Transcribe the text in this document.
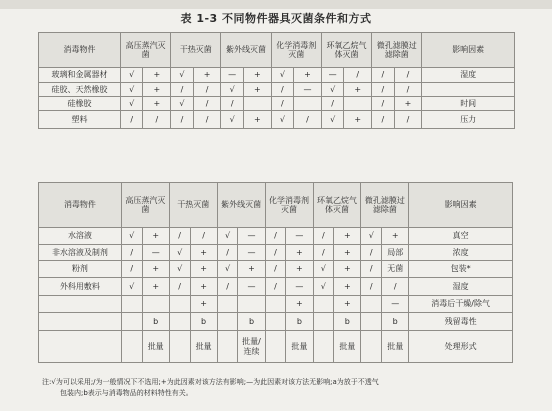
表 1-3 不同物件器具灭菌条件和方式
消毒物件	高压蒸汽灭菌		干热灭菌		紫外线灭菌		化学消毒剂灭菌		环氧乙烷气体灭菌		微孔滤膜过滤除菌		影响因素
玻璃和金属器材	√	+	√	+	—	+	√	+	—	/	/	/	湿度
硅胶、天然橡胶	√	+	/	/	√	+	/	—	√	+	/	/	
硅橡胶	√	+	√	/	/		/		/		/	+	时间
塑料	/	/	/	/	√	+	√	/	√	+	/	/	压力
消毒物件	高压蒸汽灭菌		干热灭菌		紫外线灭菌		化学消毒剂灭菌		环氧乙烷气体灭菌		微孔滤膜过滤除菌		影响因素
水溶液	√	+	/	/	√	—	/	—	/	+	√	+	真空
非水溶液及制剂	/	—	√	+	/	—	/	+	/	+	/	局部	浓度
粉剂	/	+	√	+	√	+	/	+	√	+	/	无菌	包装*
外科用敷料	√	+	/	+	/	—	/	—	√	+	/	/	湿度
				+				+		+		—	消毒后干燥/除气
		b		b		b		b		b		b	残留毒性
		批量		批量		批量/连续		批量		批量		批量	处理形式
注:√为可以采用;/为一般情况下不选用;+为此因素对该方法有影响;—为此因素对该方法无影响;a为放于不透气
包装内;b表示与消毒物品的材料特性有关。
